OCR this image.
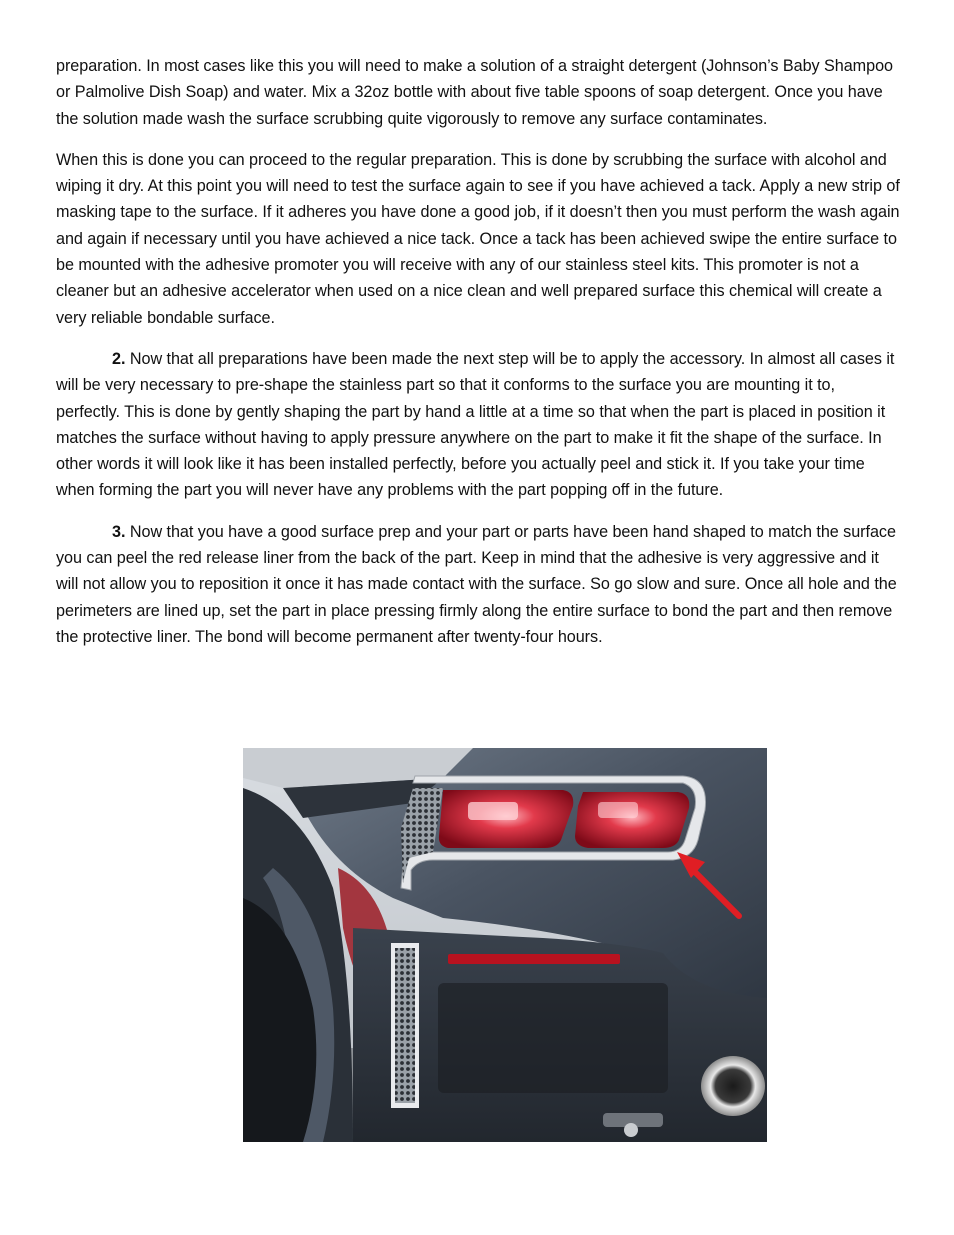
preparation. In most cases like this you will need to make a solution of a straight detergent (Johnson’s Baby Shampoo or Palmolive Dish Soap) and water. Mix a 32oz bottle with about five table spoons of soap detergent. Once you have the solution made wash the surface scrubbing quite vigorously to remove any surface contaminates.

When this is done you can proceed to the regular preparation. This is done by scrubbing the surface with alcohol and wiping it dry. At this point you will need to test the surface again to see if you have achieved a tack. Apply a new strip of masking tape to the surface. If it adheres you have done a good job, if it doesn’t then you must perform the wash again and again if necessary until you have achieved a nice tack. Once a tack has been achieved swipe the entire surface to be mounted with the adhesive promoter you will receive with any of our stainless steel kits. This promoter is not a cleaner but an adhesive accelerator when used on a nice clean and well prepared surface this chemical will create a very reliable bondable surface.

2. Now that all preparations have been made the next step will be to apply the accessory. In almost all cases it will be very necessary to pre-shape the stainless part so that it conforms to the surface you are mounting it to, perfectly. This is done by gently shaping the part by hand a little at a time so that when the part is placed in position it matches the surface without having to apply pressure anywhere on the part to make it fit the shape of the surface. In other words it will look like it has been installed perfectly, before you actually peel and stick it. If you take your time when forming the part you will never have any problems with the part popping off in the future.

3. Now that you have a good surface prep and your part or parts have been hand shaped to match the surface you can peel the red release liner from the back of the part. Keep in mind that the adhesive is very aggressive and it will not allow you to reposition it once it has made contact with the surface. So go slow and sure. Once all hole and the perimeters are lined up, set the part in place pressing firmly along the entire surface to bond the part and then remove the protective liner. The bond will become permanent after twenty-four hours.
